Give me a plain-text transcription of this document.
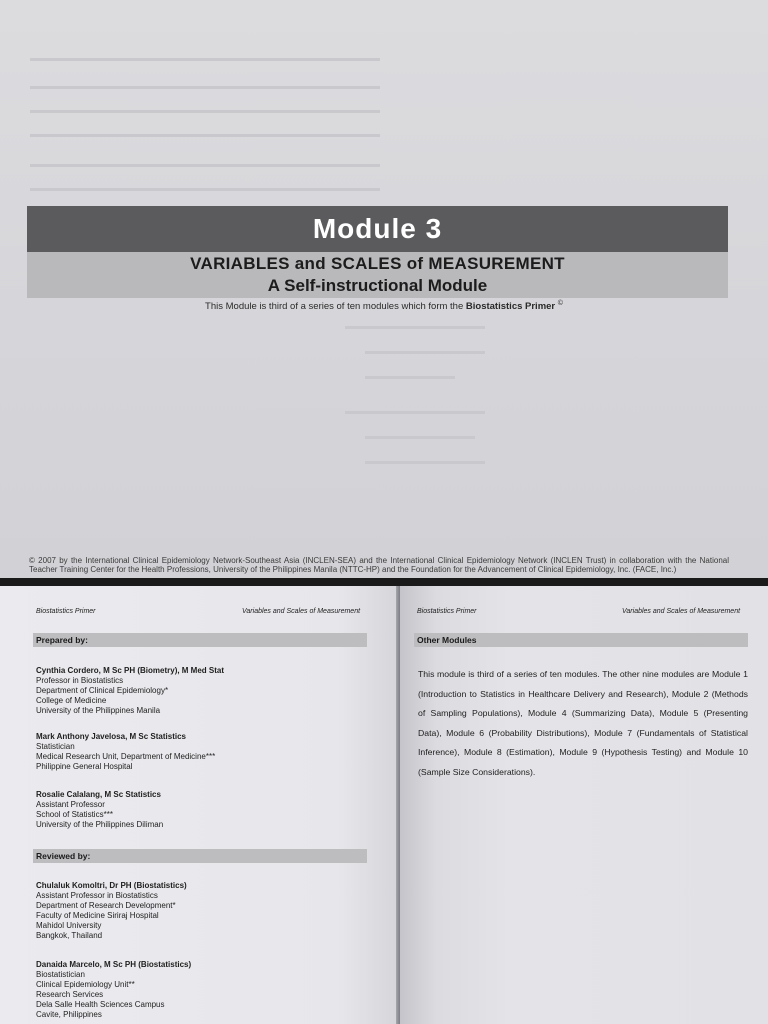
▬▬▬▬▬▬▬▬▬▬▬▬▬▬▬▬▬▬▬▬▬▬▬▬▬▬▬▬▬▬▬▬▬▬▬
▬▬▬▬▬▬▬▬▬▬▬▬▬▬▬▬▬▬▬▬▬▬▬▬▬▬▬▬▬▬▬▬▬▬▬
▬▬▬▬▬▬▬▬▬▬▬▬▬▬▬▬▬▬▬▬▬▬▬▬▬▬▬▬▬▬▬▬▬▬▬
▬▬▬▬▬▬▬▬▬▬▬▬▬▬▬▬▬▬▬▬▬▬▬▬▬▬▬▬▬▬▬▬▬▬▬
▬▬▬▬▬▬▬▬▬▬▬▬▬▬▬▬▬▬▬▬▬▬▬▬▬▬▬▬▬▬▬▬▬▬▬
▬▬▬▬▬▬▬▬▬▬▬▬▬▬▬▬▬▬▬▬▬▬▬▬▬▬▬▬▬▬▬▬▬▬▬
▬▬▬▬▬▬▬▬▬▬▬▬▬▬
▬▬▬▬▬▬▬▬▬▬▬▬
▬▬▬▬▬▬▬▬▬
▬▬▬▬▬▬▬▬▬▬▬▬▬▬
▬▬▬▬▬▬▬▬▬▬▬
▬▬▬▬▬▬▬▬▬▬▬▬
Module 3
VARIABLES and SCALES of MEASUREMENT
A Self-instructional Module
This Module is third of a series of ten modules which form the Biostatistics Primer ©
© 2007 by the International Clinical Epidemiology Network-Southeast Asia (INCLEN-SEA) and the International Clinical Epidemiology Network (INCLEN Trust) in collaboration with the National Teacher Training Center for the Health Professions, University of the Philippines Manila (NTTC-HP) and the Foundation for the Advancement of Clinical Epidemiology, Inc. (FACE, Inc.)
Biostatistics Primer	Variables and Scales of Measurement
Prepared by:
Cynthia Cordero, M Sc PH (Biometry), M Med Stat
Professor in Biostatistics
Department of Clinical Epidemiology*
College of Medicine
University of the Philippines Manila
Mark Anthony Javelosa, M Sc Statistics
Statistician
Medical Research Unit, Department of Medicine***
Philippine General Hospital
Rosalie Calalang, M Sc Statistics
Assistant Professor
School of Statistics***
University of the Philippines Diliman
Reviewed by:
Chulaluk Komoltri, Dr PH (Biostatistics)
Assistant Professor in Biostatistics
Department of Research Development*
Faculty of Medicine Siriraj Hospital
Mahidol University
Bangkok, Thailand
Danaida Marcelo, M Sc PH (Biostatistics)
Biostatistician
Clinical Epidemiology Unit**
Research Services
Dela Salle Health Sciences Campus
Cavite, Philippines
Biostatistics Primer	Variables and Scales of Measurement
Other Modules
This module is third of a series of ten modules. The other nine modules are Module 1 (Introduction to Statistics in Healthcare Delivery and Research), Module 2 (Methods of Sampling Populations), Module 4 (Summarizing Data), Module 5 (Presenting Data), Module 6 (Probability Distributions), Module 7 (Fundamentals of Statistical Inference), Module 8 (Estimation), Module 9 (Hypothesis Testing) and Module 10 (Sample Size Considerations).
